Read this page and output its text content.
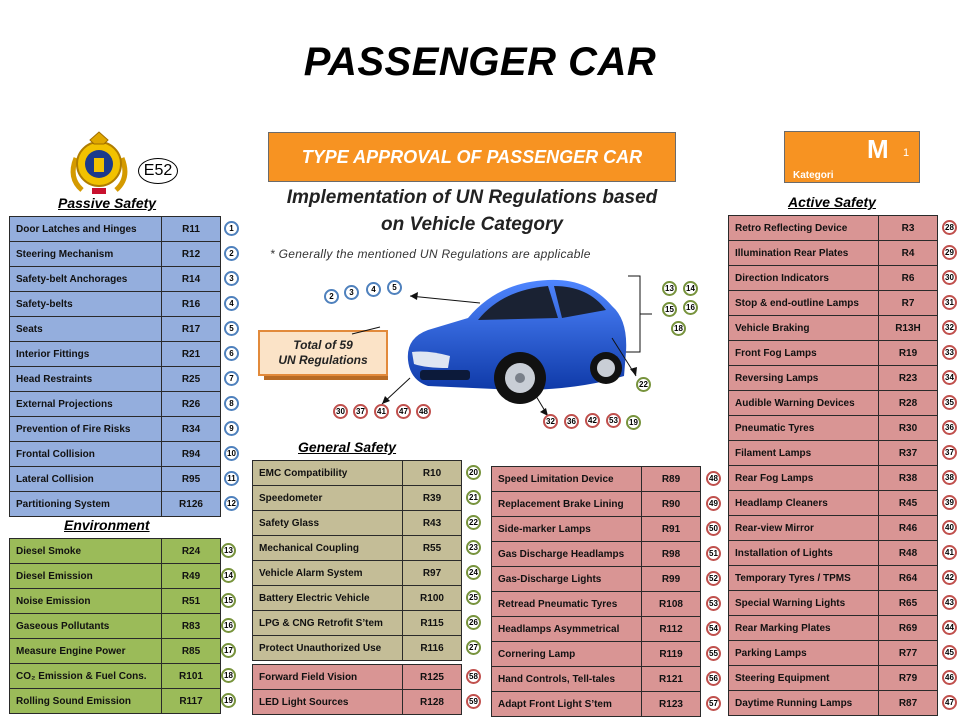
PASSENGER CAR
E52
TYPE APPROVAL OF PASSENGER CAR	M 1
Kategori
Implementation of UN Regulations based
on Vehicle Category
* Generally the mentioned UN Regulations are applicable
Passive Safety
Environment
General Safety
Active Safety
Door Latches and Hinges	R11
Steering Mechanism	R12
Safety-belt Anchorages	R14
Safety-belts	R16
Seats	R17
Interior Fittings	R21
Head Restraints	R25
External Projections	R26
Prevention of Fire Risks	R34
Frontal Collision	R94
Lateral Collision	R95
Partitioning System	R126
Diesel Smoke	R24
Diesel Emission	R49
Noise Emission	R51
Gaseous Pollutants	R83
Measure Engine Power	R85
CO₂ Emission & Fuel Cons.	R101
Rolling Sound Emission	R117
EMC Compatibility	R10
Speedometer	R39
Safety Glass	R43
Mechanical Coupling	R55
Vehicle Alarm System	R97
Battery Electric Vehicle	R100
LPG & CNG Retrofit S’tem	R115
Protect Unauthorized Use	R116
Forward Field Vision	R125
LED Light Sources	R128
Speed Limitation Device	R89
Replacement Brake Lining	R90
Side-marker Lamps	R91
Gas Discharge Headlamps	R98
Gas-Discharge Lights	R99
Retread Pneumatic Tyres	R108
Headlamps Asymmetrical	R112
Cornering Lamp	R119
Hand Controls, Tell-tales	R121
Adapt Front Light S’tem	R123
Retro Reflecting Device	R3
Illumination Rear Plates	R4
Direction Indicators	R6
Stop & end-outline Lamps	R7
Vehicle Braking	R13H
Front Fog Lamps	R19
Reversing Lamps	R23
Audible Warning Devices	R28
Pneumatic Tyres	R30
Filament Lamps	R37
Rear Fog Lamps	R38
Headlamp Cleaners	R45
Rear-view Mirror	R46
Installation of Lights	R48
Temporary Tyres / TPMS	R64
Special Warning Lights	R65
Rear Marking Plates	R69
Parking Lamps	R77
Steering Equipment	R79
Daytime Running Lamps	R87
Total of 59
UN Regulations
2	3	4	5	13	14
15	16
18
22
30	37	41	47	48
32	36	42	53	19
1
2
3
4
5
6
7
8
9
10
11
12
13
14
15
16
17
18
19
20
21
22
23
24
25
26
27
58
59
48
49
50
51
52
53
54
55
56
57
28
29
30
31
32
33
34
35
36
37
38
39
40
41
42
43
44
45
46
47
